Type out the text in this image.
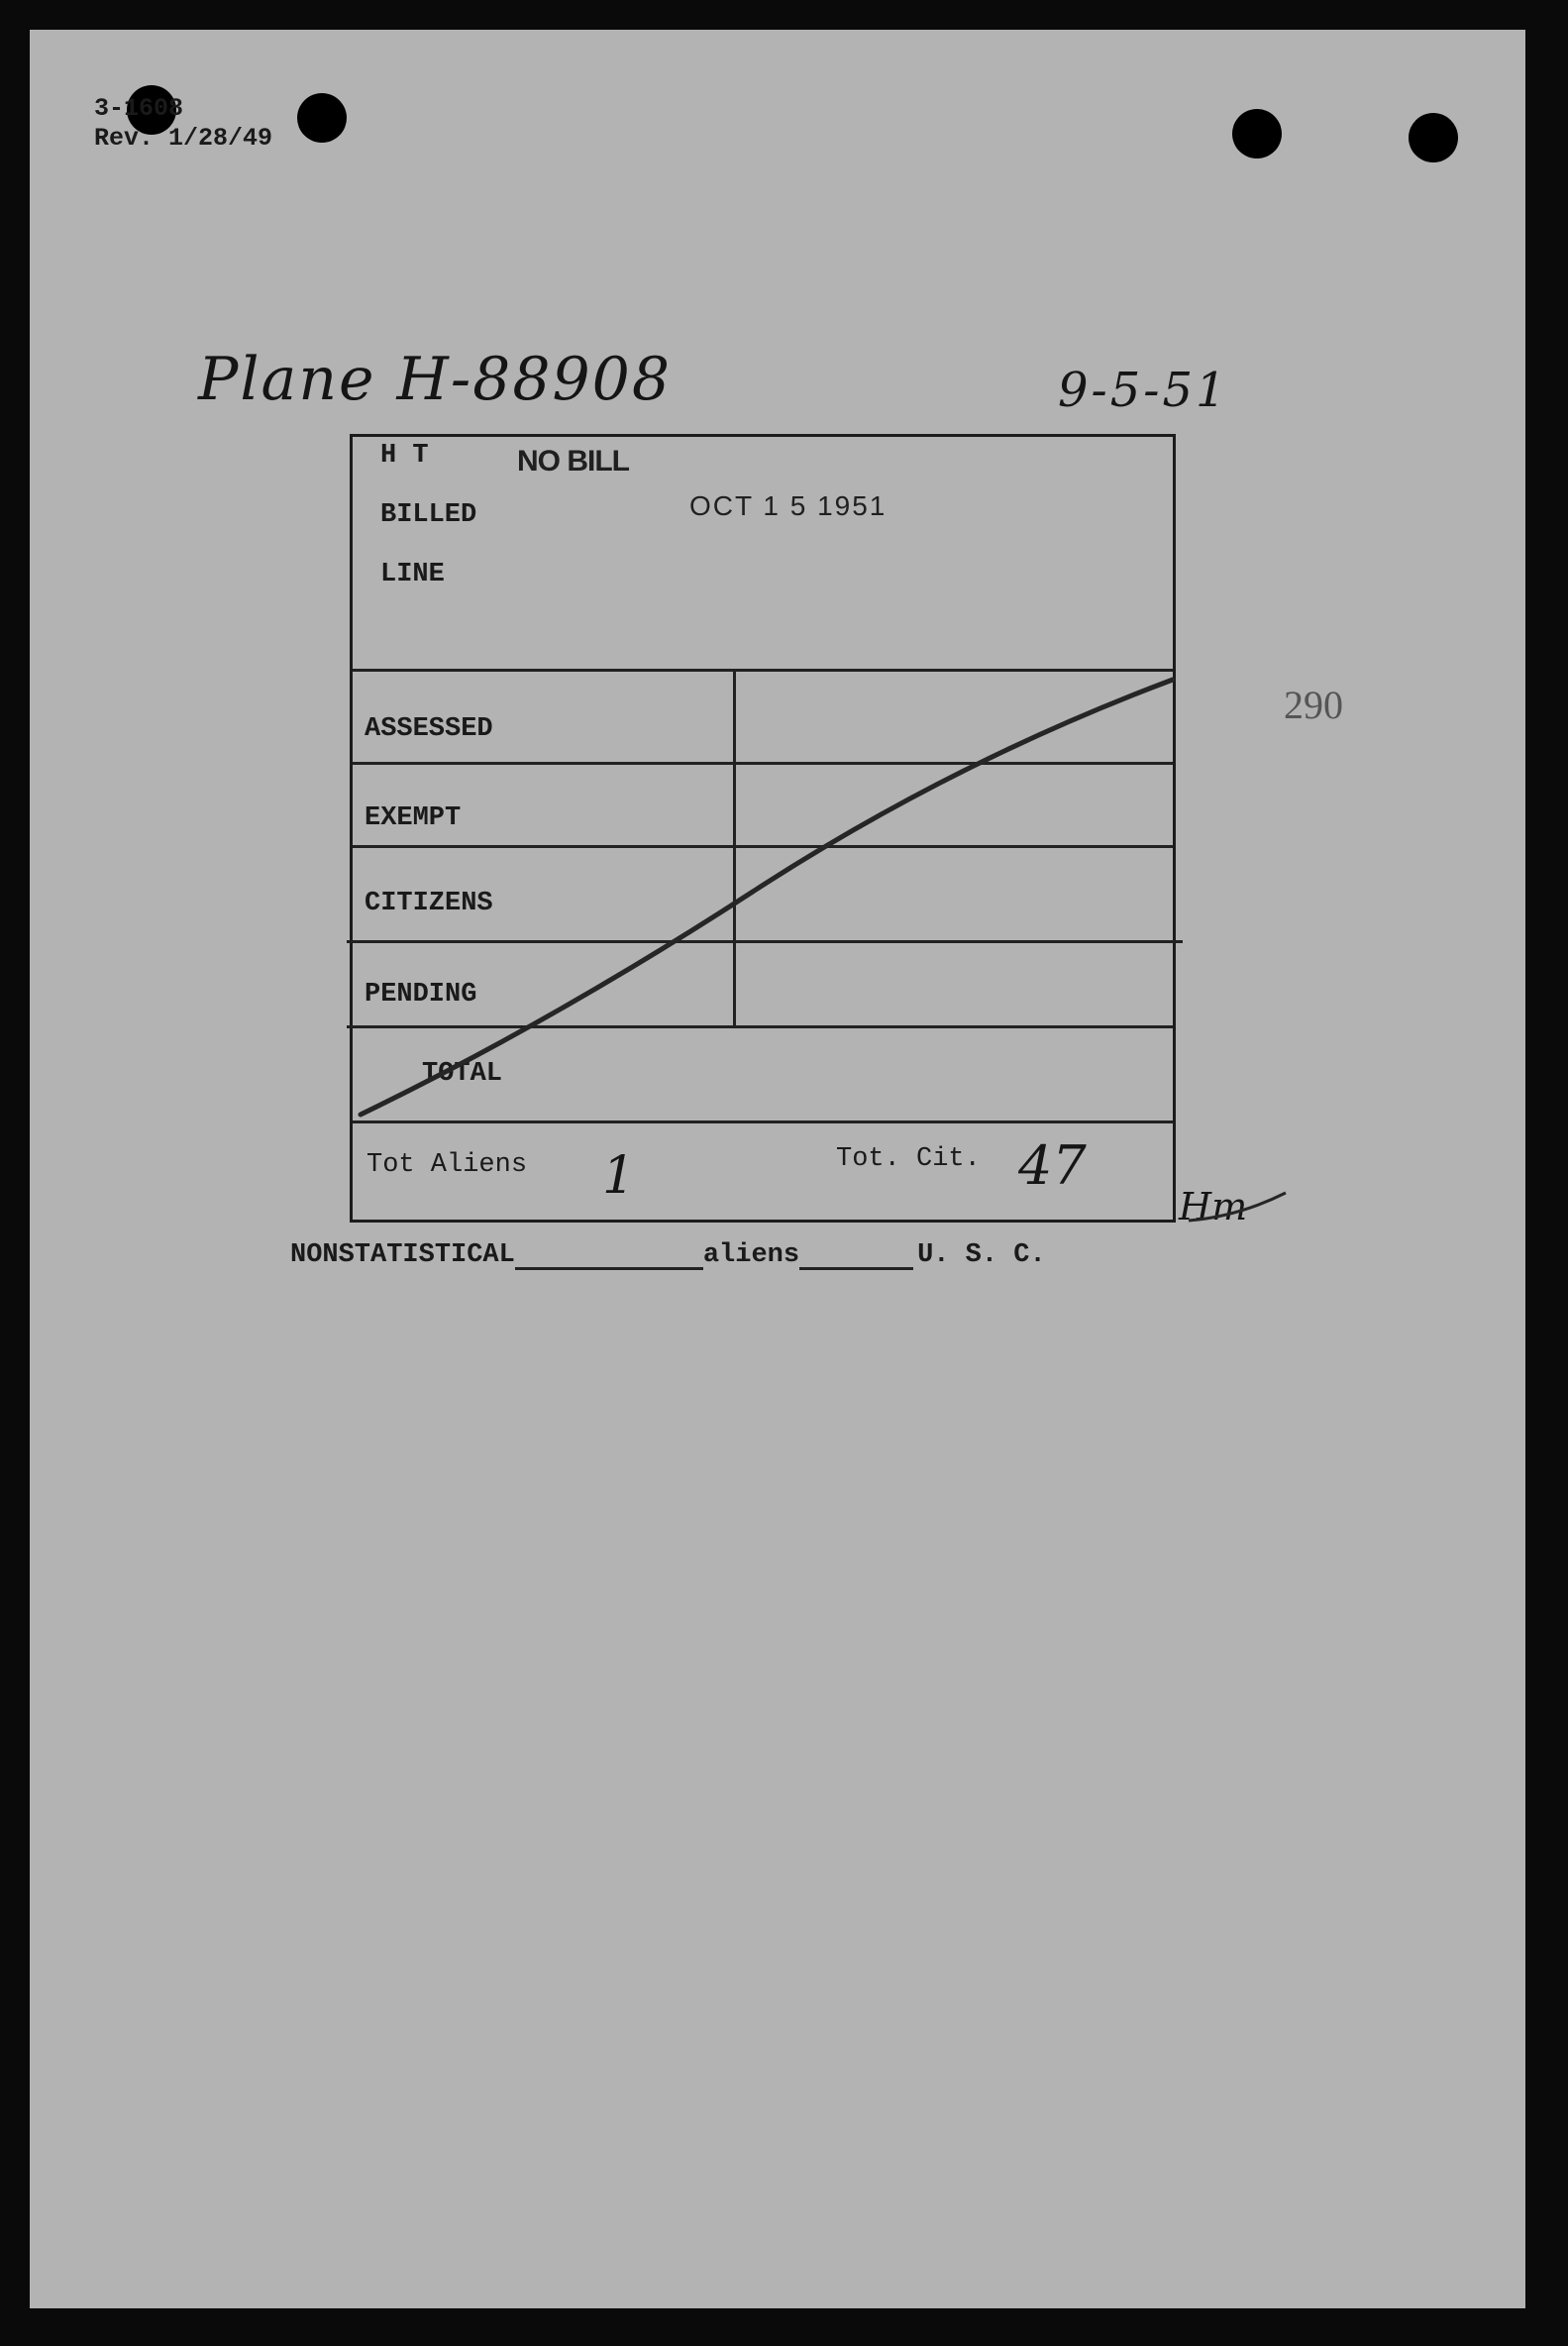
3-1608
Rev. 1/28/49
Plane H-88908	9-5-51
H T	NO BILL
BILLED	OCT 1 5 1951
LINE
ASSESSED
EXEMPT
CITIZENS
PENDING
TOTAL
Tot Aliens 1	Tot. Cit. 47
Hm
290
NONSTATISTICAL	aliens	U. S. C.
